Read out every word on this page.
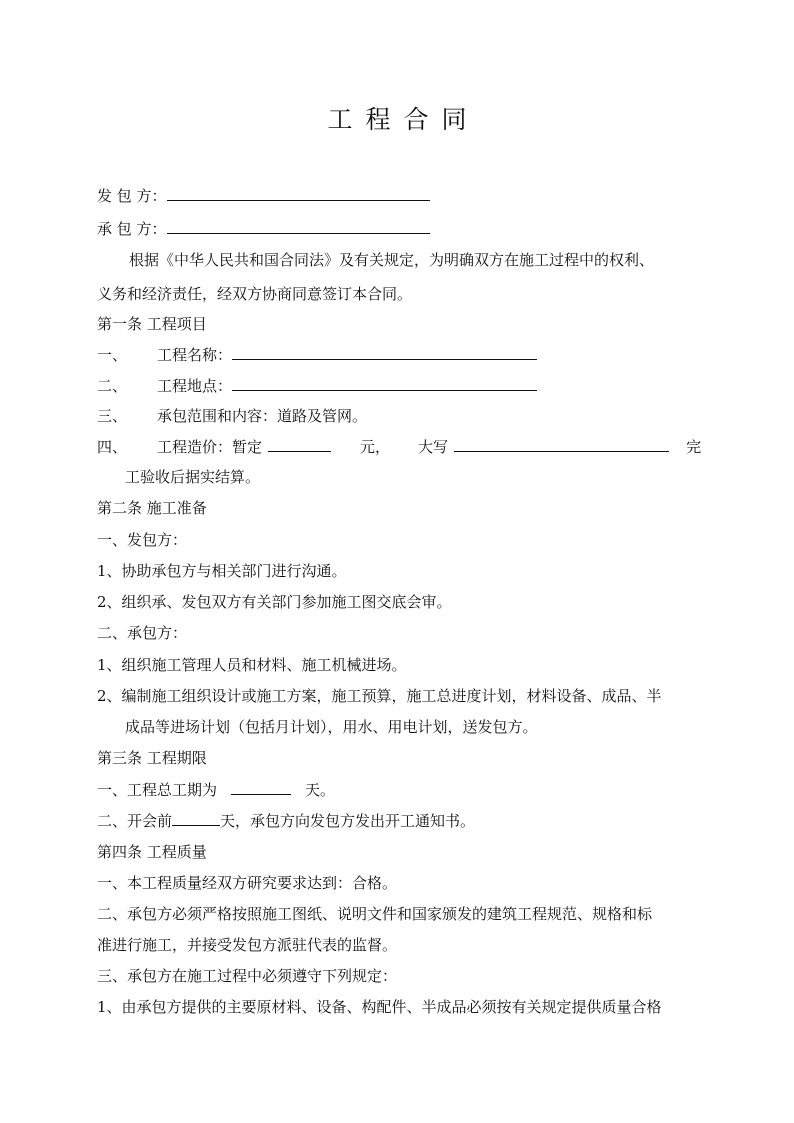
工程合同
发 包 方：
承 包 方：
根据《中华人民共和国合同法》及有关规定，为明确双方在施工过程中的权利、
义务和经济责任，经双方协商同意签订本合同。
第一条 工程项目
一、 工程名称：
二、 工程地点：
三、 承包范围和内容：道路及管网。
四、 工程造价：暂定	元， 大写	完
工验收后据实结算。
第二条 施工准备
一、发包方：
1、协助承包方与相关部门进行沟通。
2、组织承、发包双方有关部门参加施工图交底会审。
二、承包方：
1、组织施工管理人员和材料、施工机械进场。
2、编制施工组织设计或施工方案，施工预算，施工总进度计划，材料设备、成品、半
成品等进场计划（包括月计划），用水、用电计划，送发包方。
第三条 工程期限
一、工程总工期为	天。
二、开会前	天，承包方向发包方发出开工通知书。
第四条 工程质量
一、本工程质量经双方研究要求达到：合格。
二、承包方必须严格按照施工图纸、说明文件和国家颁发的建筑工程规范、规格和标
准进行施工，并接受发包方派驻代表的监督。
三、承包方在施工过程中必须遵守下列规定：
1、由承包方提供的主要原材料、设备、构配件、半成品必须按有关规定提供质量合格
